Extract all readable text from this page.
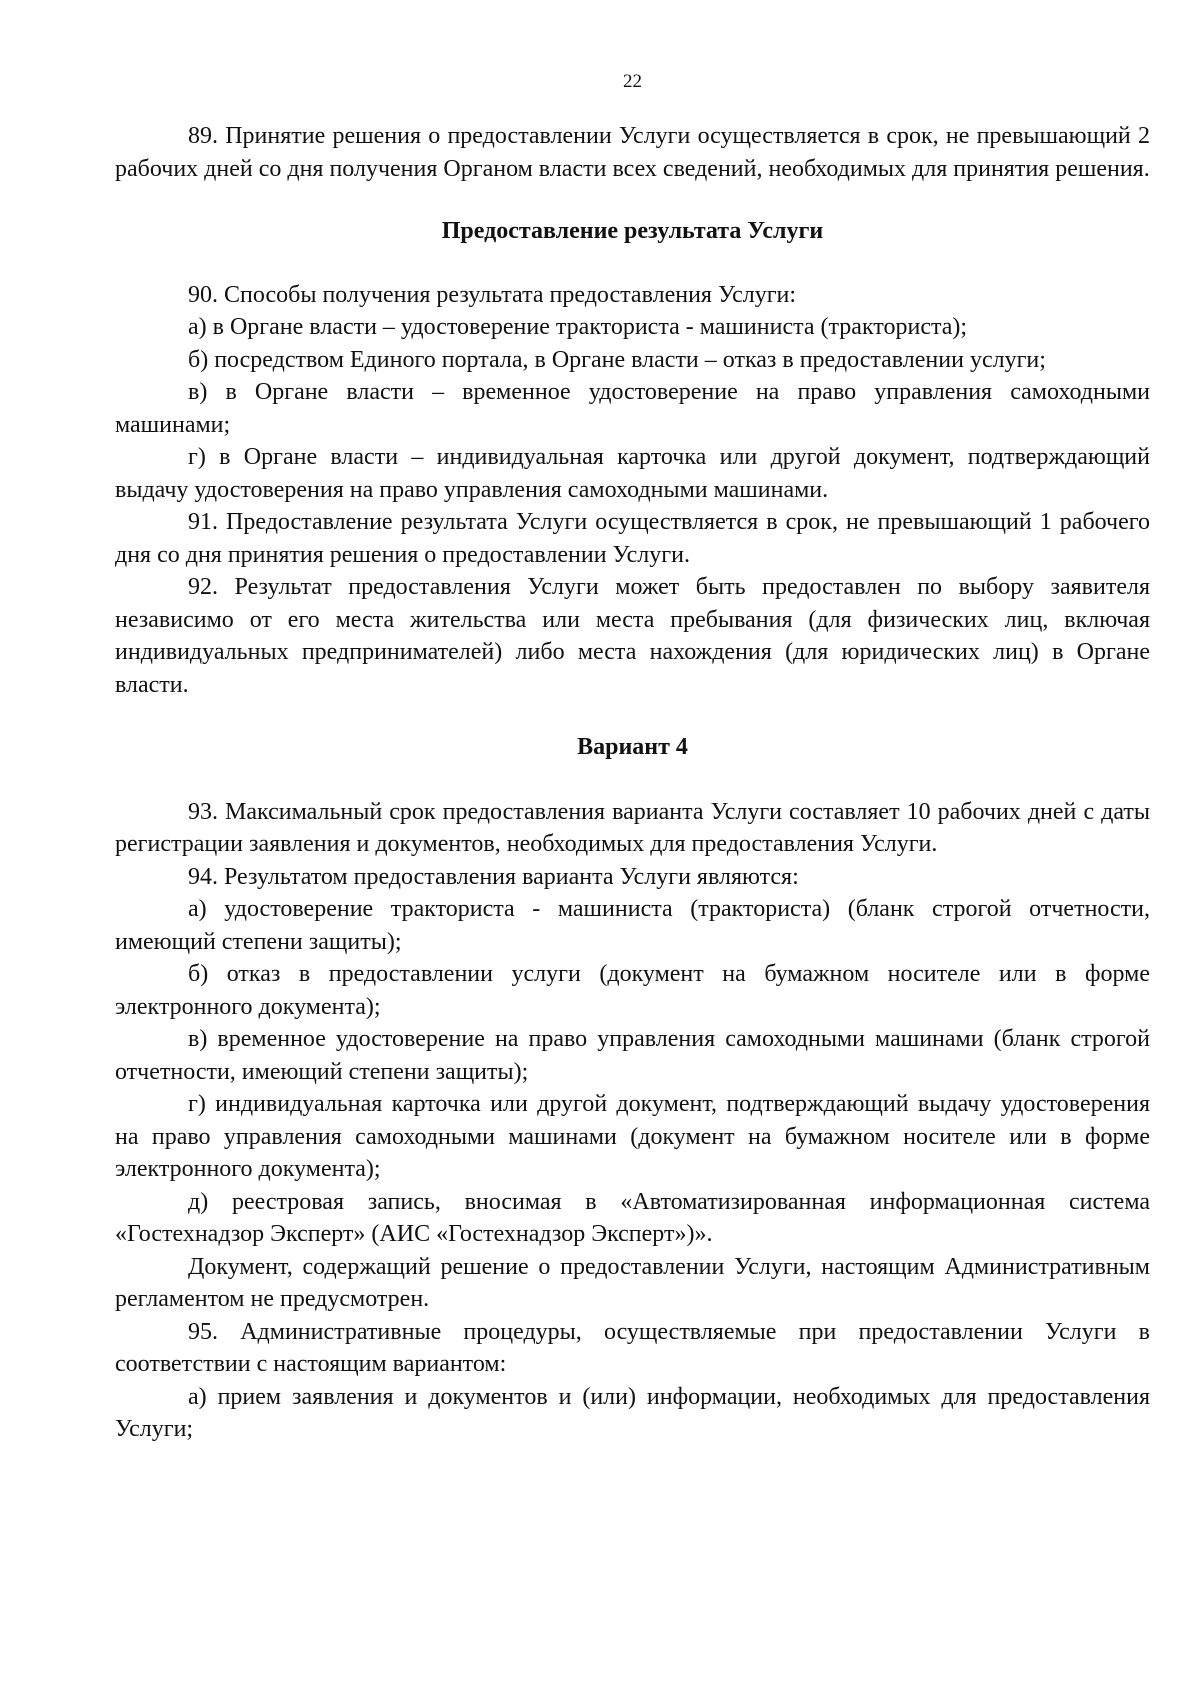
22

89. Принятие решения о предоставлении Услуги осуществляется в срок, не превышающий 2 рабочих дней со дня получения Органом власти всех сведений, необходимых для принятия решения.

Предоставление результата Услуги

90. Способы получения результата предоставления Услуги:

а) в Органе власти – удостоверение тракториста - машиниста (тракториста);

б) посредством Единого портала, в Органе власти – отказ в предоставлении услуги;

в) в Органе власти – временное удостоверение на право управления самоходными машинами;

г) в Органе власти – индивидуальная карточка или другой документ, подтверждающий выдачу удостоверения на право управления самоходными машинами.

91. Предоставление результата Услуги осуществляется в срок, не превышающий 1 рабочего дня со дня принятия решения о предоставлении Услуги.

92. Результат предоставления Услуги может быть предоставлен по выбору заявителя независимо от его места жительства или места пребывания (для физических лиц, включая индивидуальных предпринимателей) либо места нахождения (для юридических лиц) в Органе власти.

Вариант 4

93. Максимальный срок предоставления варианта Услуги составляет 10 рабочих дней с даты регистрации заявления и документов, необходимых для предоставления Услуги.

94. Результатом предоставления варианта Услуги являются:

а) удостоверение тракториста - машиниста (тракториста) (бланк строгой отчетности, имеющий степени защиты);

б) отказ в предоставлении услуги (документ на бумажном носителе или в форме электронного документа);

в) временное удостоверение на право управления самоходными машинами (бланк строгой отчетности, имеющий степени защиты);

г) индивидуальная карточка или другой документ, подтверждающий выдачу удостоверения на право управления самоходными машинами (документ на бумажном носителе или в форме электронного документа);

д) реестровая запись, вносимая в «Автоматизированная информационная система «Гостехнадзор Эксперт» (АИС «Гостехнадзор Эксперт»)».

Документ, содержащий решение о предоставлении Услуги, настоящим Административным регламентом не предусмотрен.

95. Административные процедуры, осуществляемые при предоставлении Услуги в соответствии с настоящим вариантом:

а) прием заявления и документов и (или) информации, необходимых для предоставления Услуги;
